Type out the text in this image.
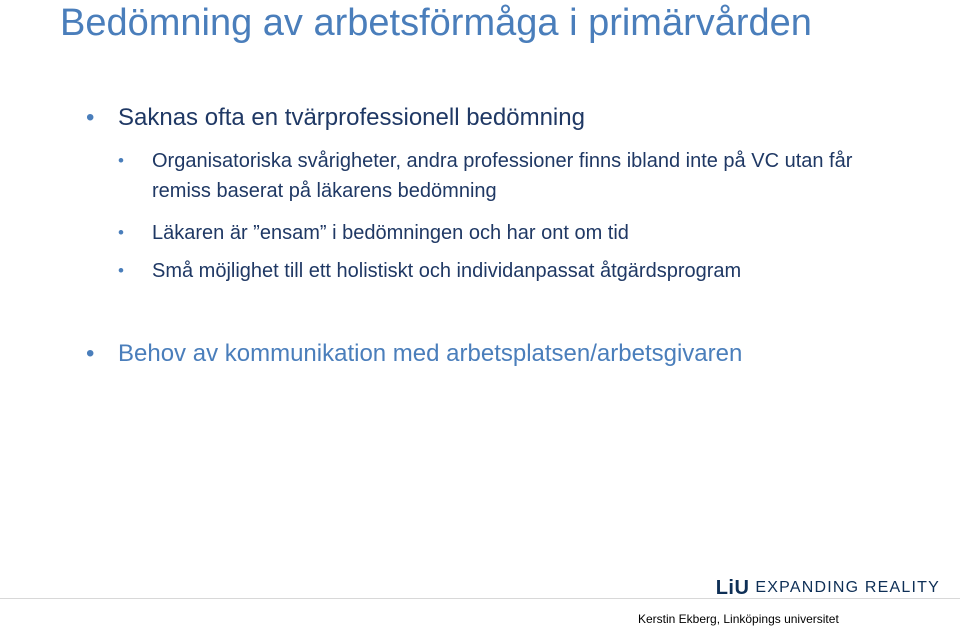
Bedömning av arbetsförmåga i primärvården
• Saknas ofta en tvärprofessionell bedömning
• Organisatoriska svårigheter, andra professioner finns ibland inte på VC utan får remiss baserat på läkarens bedömning
• Läkaren är ”ensam” i bedömningen och har ont om tid
• Små möjlighet till ett holistiskt och individanpassat åtgärdsprogram
• Behov av kommunikation med arbetsplatsen/arbetsgivaren
LiU EXPANDING REALITY
Kerstin Ekberg, Linköpings universitet
